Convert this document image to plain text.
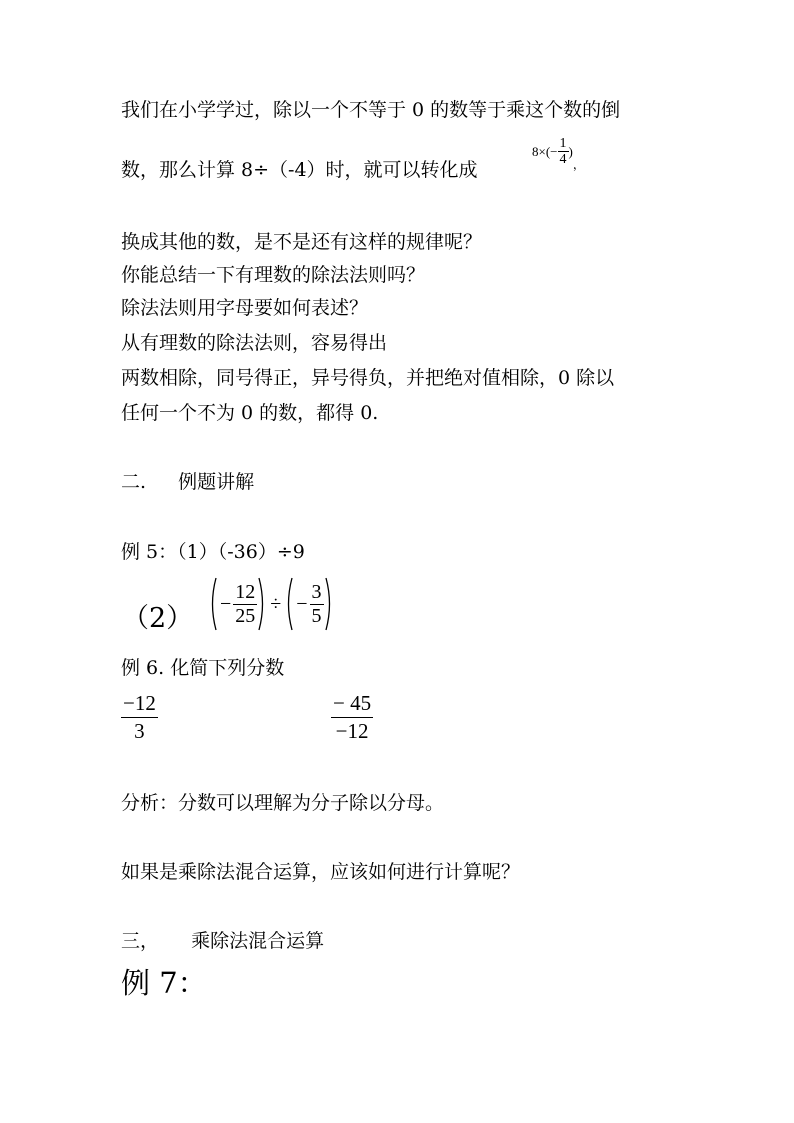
我们在小学学过，除以一个不等于 0 的数等于乘这个数的倒
数，那么计算 8÷（-4）时，就可以转化成
$8\times(- \frac{1}{4}$ )，
换成其他的数，是不是还有这样的规律呢？
你能总结一下有理数的除法法则吗？
除法法则用字母要如何表述？
从有理数的除法法则，容易得出
两数相除，同号得正，异号得负，并把绝对值相除，0 除以
任何一个不为 0 的数，都得 0.
二. 例题讲解
例 5：（1）（-36）÷9
$(2) - \frac{12}{25}$ ÷ − $\frac{3}{5}$
例 6. 化简下列分数
$\frac{-12}{3}$	$\frac{- 45}{-12}$
分析：分数可以理解为分子除以分母。
如果是乘除法混合运算，应该如何进行计算呢？
三， 乘除法混合运算
例 7：
